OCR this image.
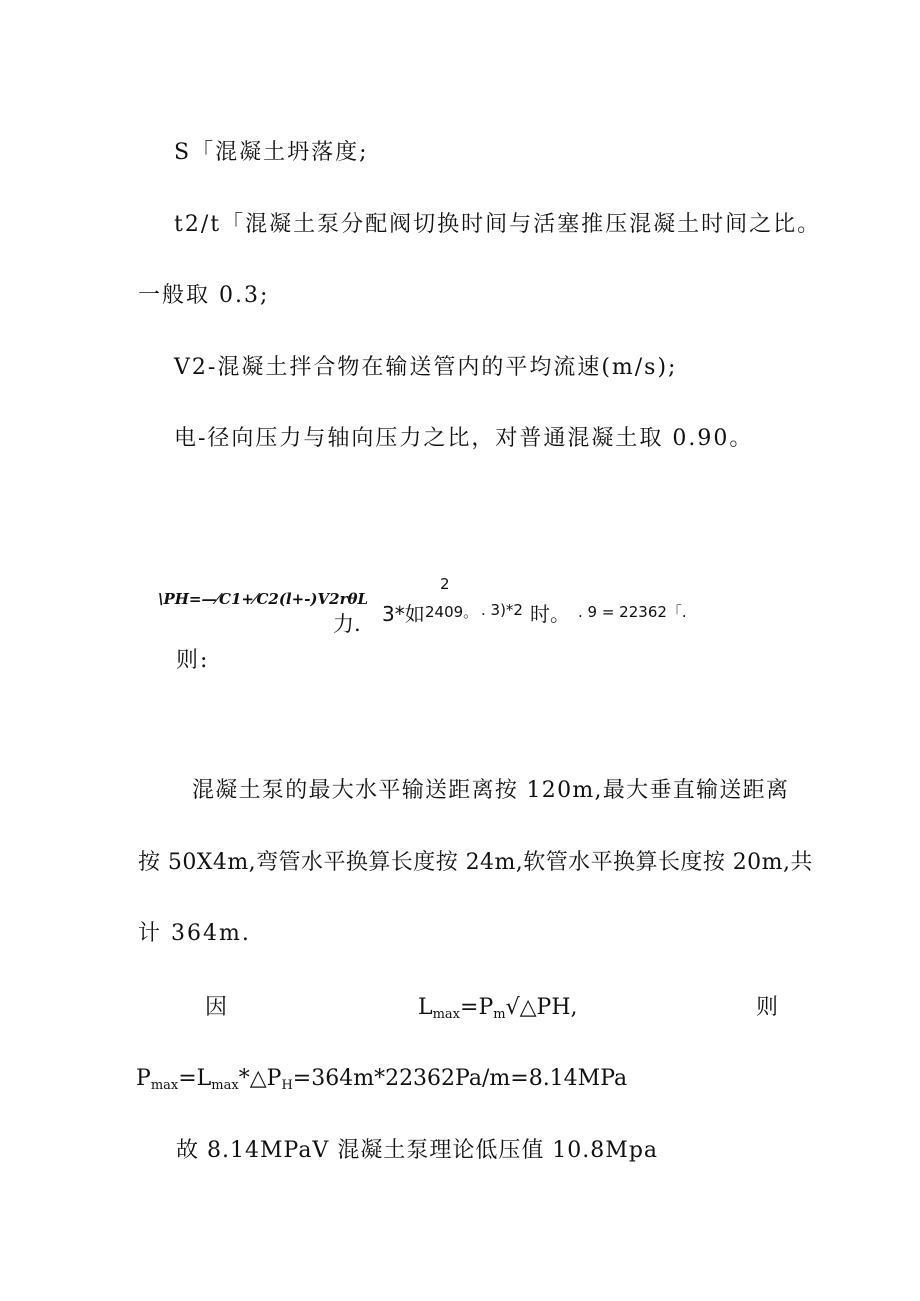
S「混凝土坍落度;
t2/t「混凝土泵分配阀切换时间与活塞推压混凝土时间之比。
一般取 0.3;
V2-混凝土拌合物在输送管内的平均流速(m/s);
电-径向压力与轴向压力之比，对普通混凝土取 0.90。
\PH=—⁄C1+⁄C2(l+-)V2rθL
力.
2
3*如 2409。 . 3)*2 时。 . 9 = 22362「.
则:
混凝土泵的最大水平输送距离按 120m,最大垂直输送距离
按 50X4m,弯管水平换算长度按 24m,软管水平换算长度按 20m,共
计 364m.
因	$L_{max}=P_m√\triangle PH$,	则
$P_{max}=L_{max}*\triangle P_H=364m*22362Pa/m=8.14MPa$
故 8.14MPaV 混凝土泵理论低压值 10.8Mpa
